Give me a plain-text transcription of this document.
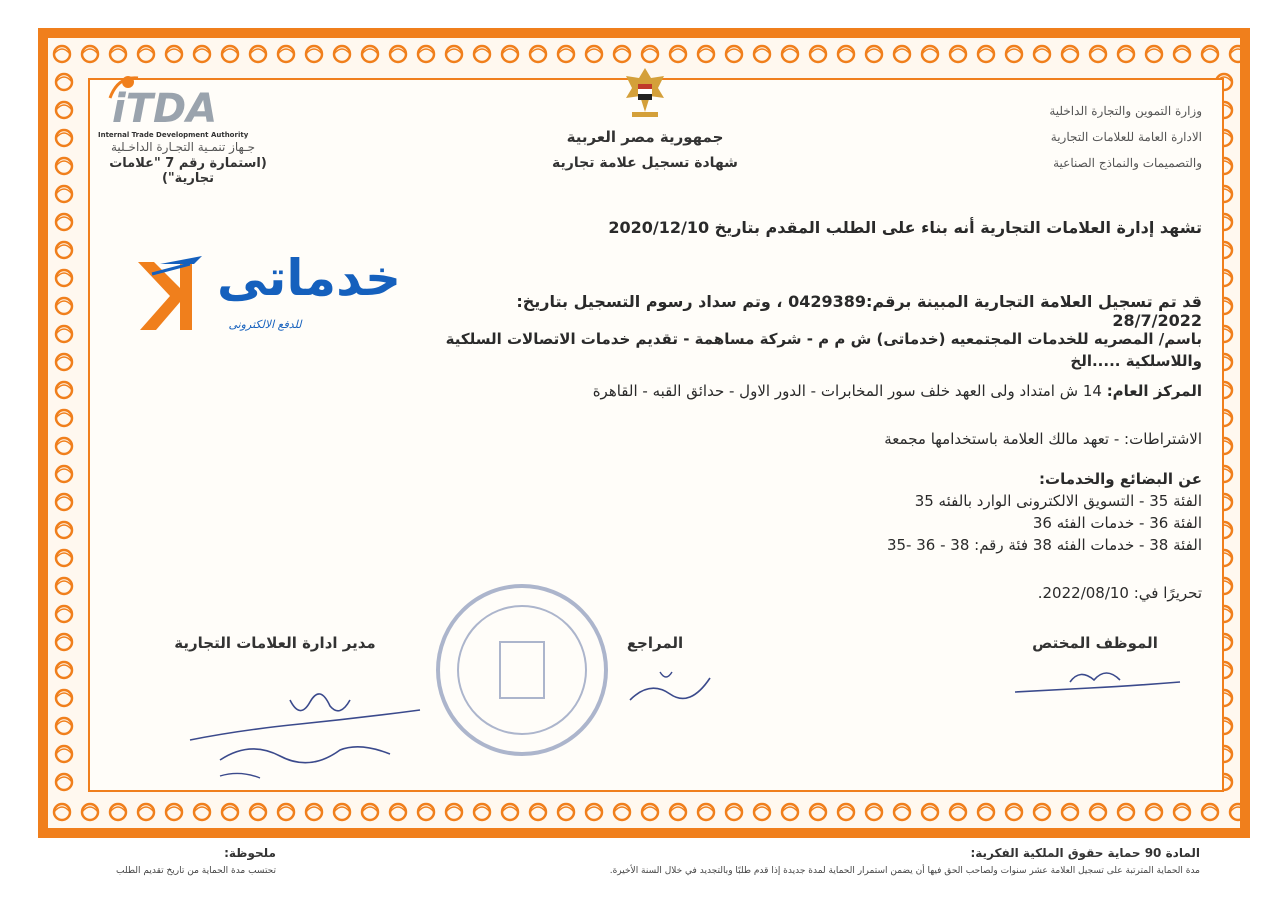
وزارة التموين والتجارة الداخلية
الادارة العامة للعلامات التجارية
والتصميمات والنماذج الصناعية
جمهورية مصر العربية
شهادة تسجيل علامة تجارية
iTDA
Internal Trade Development Authority
جـهاز تنمـية التجـارة الداخـلية
(استمارة رقم 7 "علامات تجارية")
خدماتى
للدفع الالكترونى
تشهد إدارة العلامات التجارية أنه بناء على الطلب المقدم بتاريخ 2020/12/10
قد تم تسجيل العلامة التجارية المبينة برقم:0429389 ، وتم سداد رسوم التسجيل بتاريخ: 28/7/2022
باسم/ المصريه للخدمات المجتمعيه (خدماتى) ش م م - شركة مساهمة - تقديم خدمات الاتصالات السلكية واللاسلكية .....الخ
المركز العام: 14 ش امتداد ولى العهد خلف سور المخابرات - الدور الاول - حدائق القبه - القاهرة
الاشتراطات: - تعهد مالك العلامة باستخدامها مجمعة
عن البضائع والخدمات:
الفئة 35 - التسويق الالكترونى الوارد بالفئه 35
الفئة 36 - خدمات الفئه 36
الفئة 38 - خدمات الفئه 38 فئة رقم: 38 - 36 -35
تحريرًا في: 2022/08/10.
مدير ادارة العلامات التجارية	المراجع	الموظف المختص
المادة 90 حماية حقوق الملكية الفكرية:
مدة الحماية المترتبة على تسجيل العلامة عشر سنوات ولصاحب الحق فيها أن يضمن استمرار الحماية لمدة جديدة إذا قدم طلبًا وبالتجديد في خلال السنة الأخيرة.
ملحوظة:
تحتسب مدة الحماية من تاريخ تقديم الطلب
